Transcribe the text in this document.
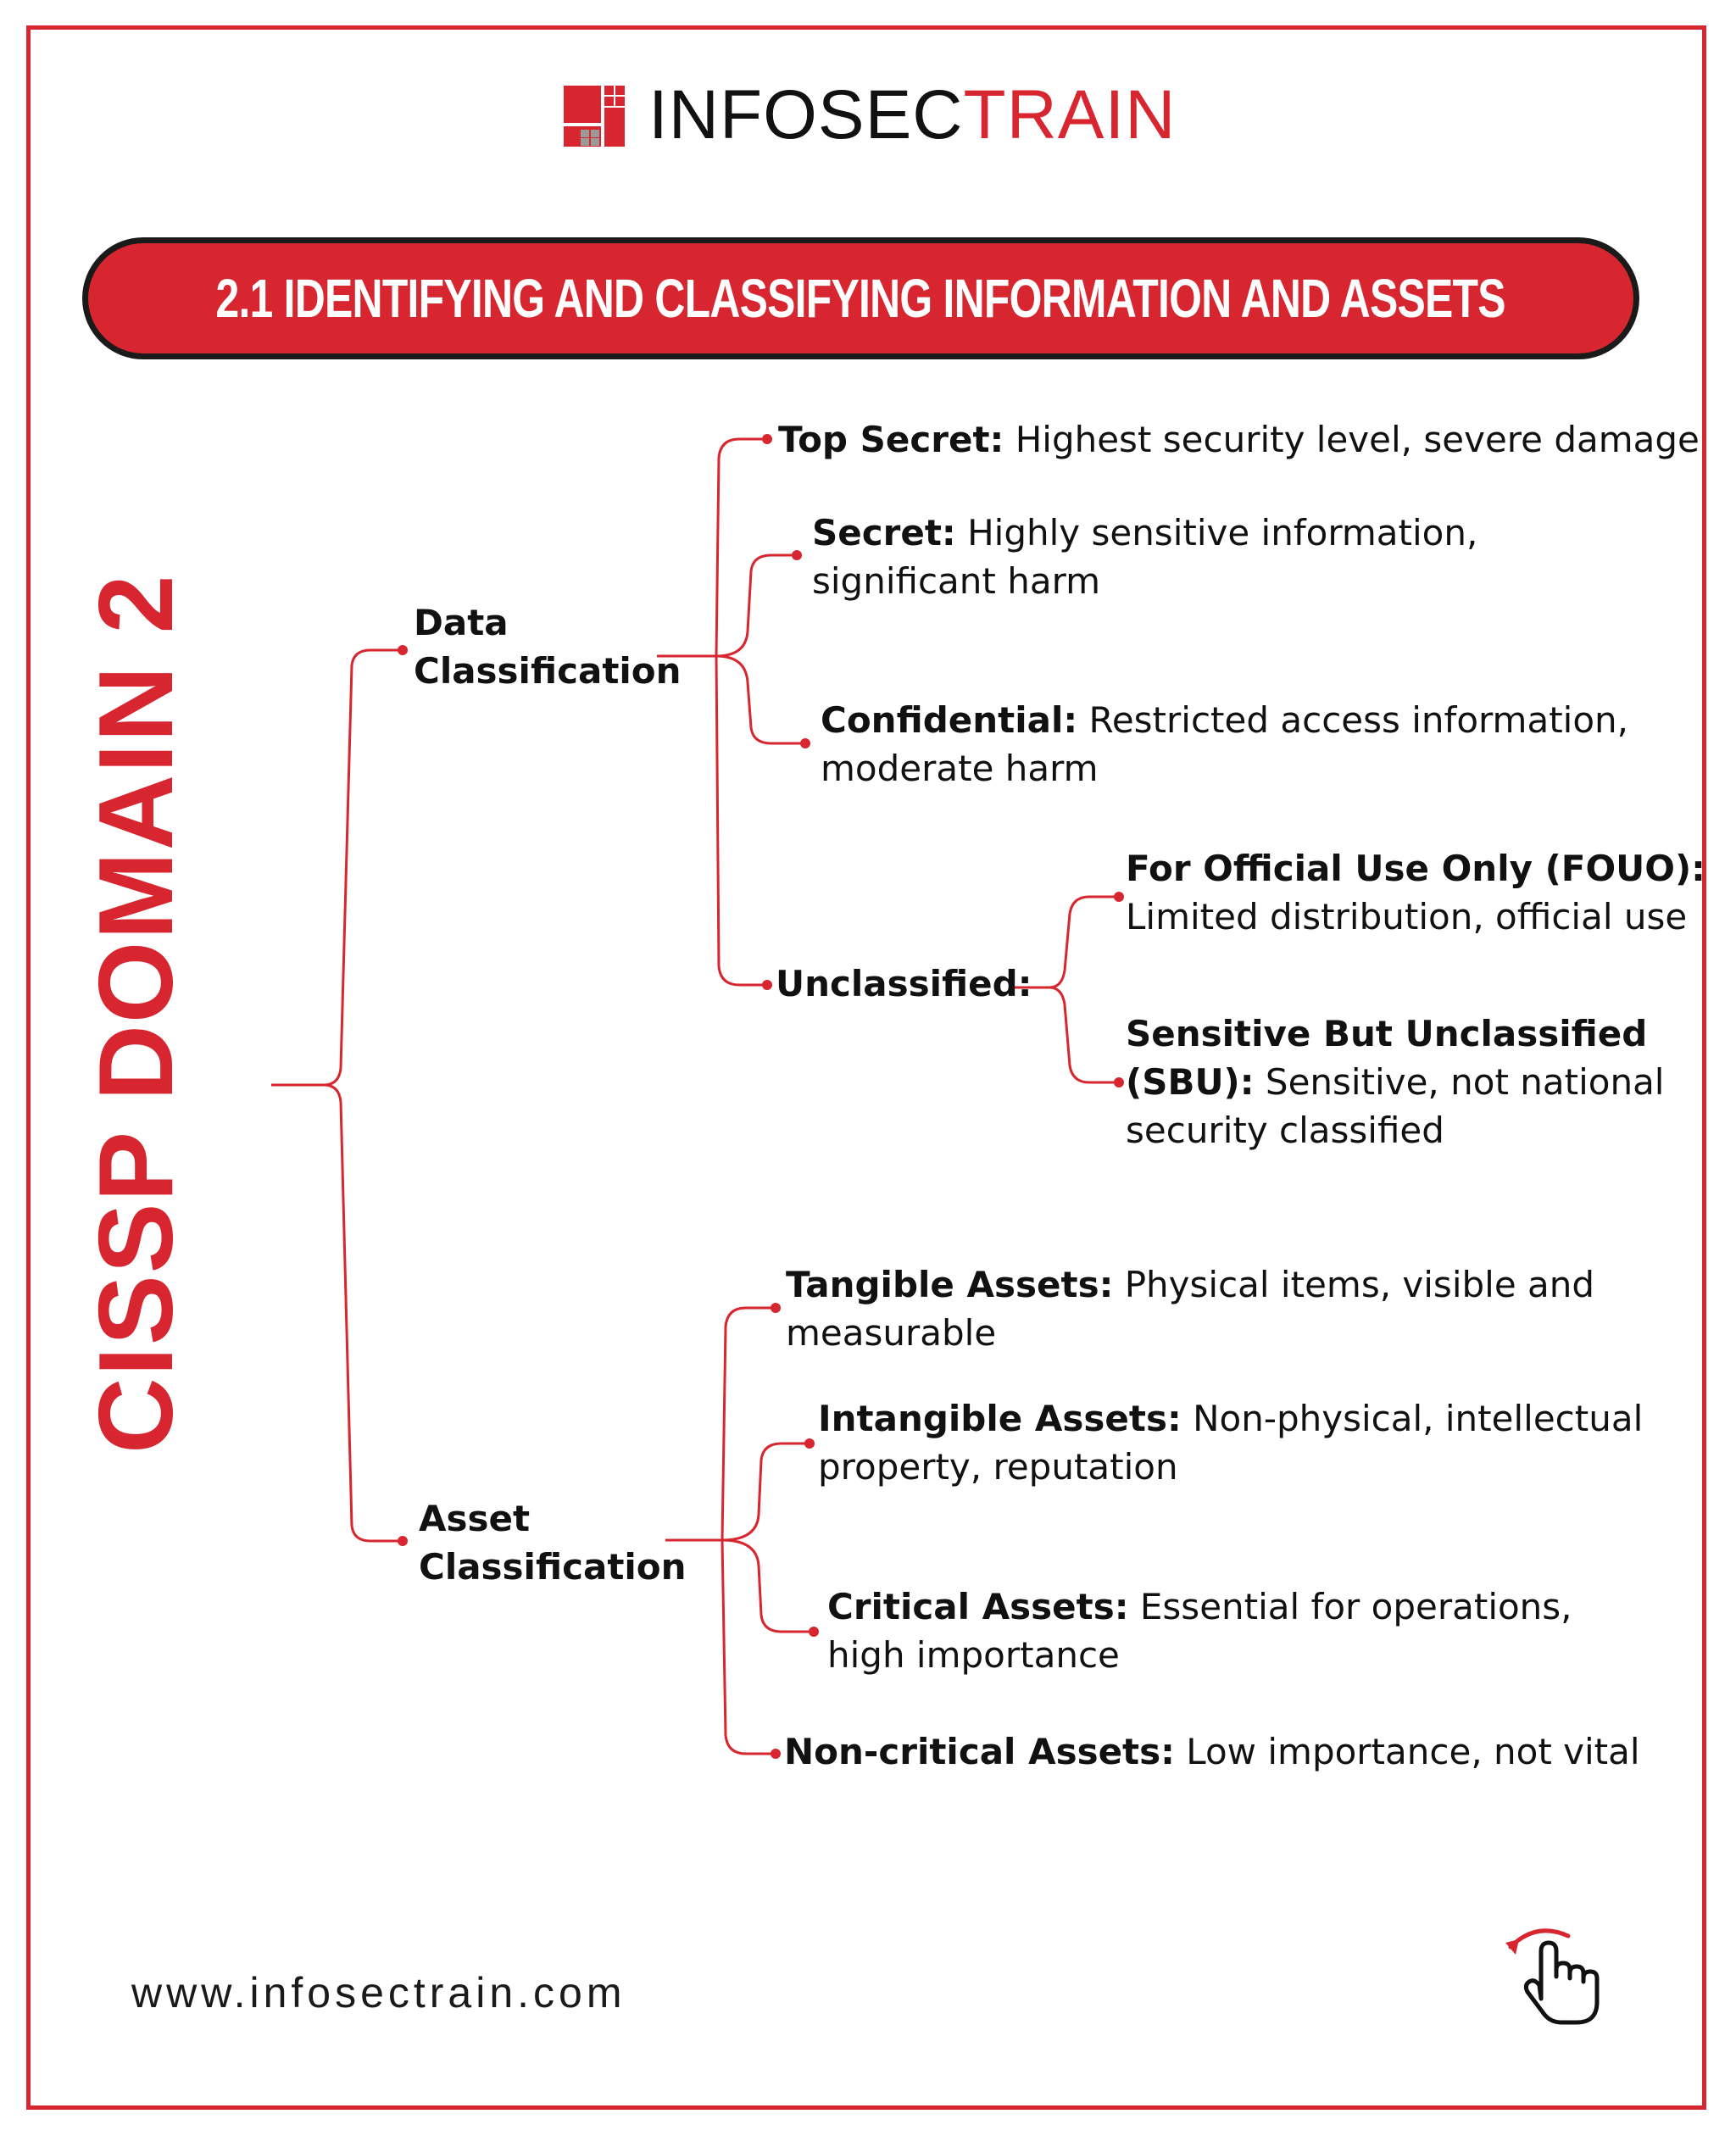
INFOSECTRAIN
2.1 IDENTIFYING AND CLASSIFYING INFORMATION AND ASSETS
CISSP DOMAIN 2	Data
Classification
Top Secret: Highest security level, severe damage
Secret: Highly sensitive information,
significant harm
Confidential: Restricted access information,
moderate harm
Unclassified:
For Official Use Only (FOUO):
Limited distribution, official use
Sensitive But Unclassified
(SBU): Sensitive, not national
security classified
Asset
Classification
Tangible Assets: Physical items, visible and
measurable
Intangible Assets: Non-physical, intellectual
property, reputation
Critical Assets: Essential for operations,
high importance
Non-critical Assets: Low importance, not vital
www.infosectrain.com
